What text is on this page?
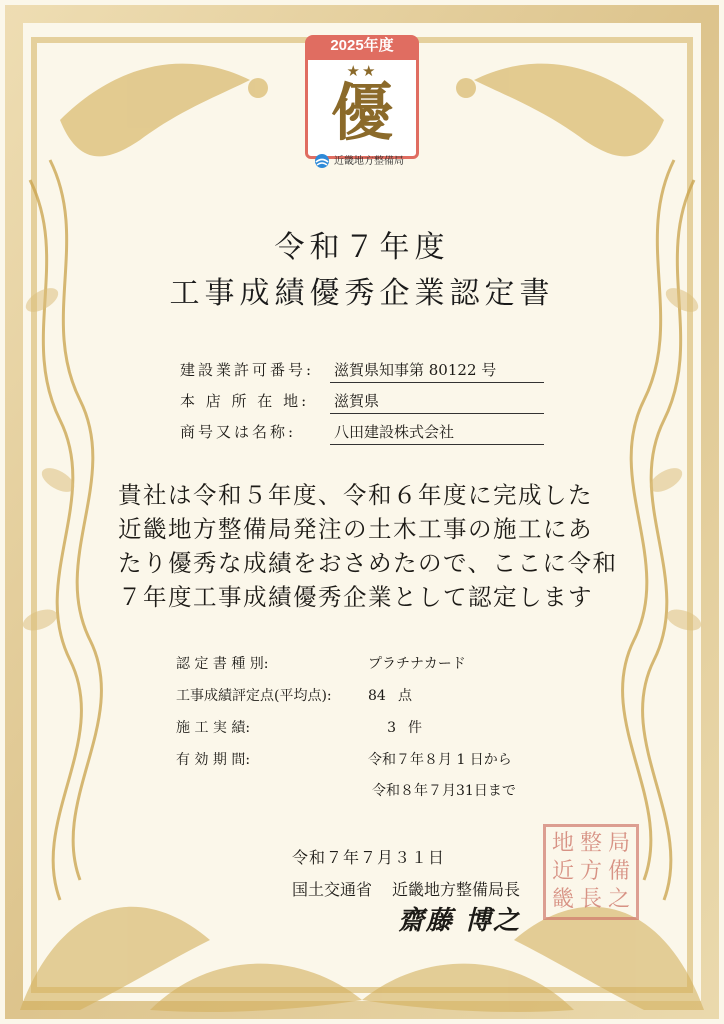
2025年度
★★
優
近畿地方整備局
令和７年度
工事成績優秀企業認定書
建設業許可番号: 滋賀県知事第 80122 号
本 店 所 在 地: 滋賀県
商号又は名称:	八田建設株式会社
貴社は令和５年度、令和６年度に完成した
近畿地方整備局発注の土木工事の施工にあ
たり優秀な成績をおさめたので、ここに令和
７年度工事成績優秀企業として認定します
認 定 書 種 別:	プラチナカード
工事成績評定点(平均点):	84 点
施 工 実 績:	3 件
有 効 期 間:	令和７年８月 1 日から
令和８年７月31日まで
令和７年７月３１日
国土交通省 近畿地方整備局長
齋藤 博之
地 整 局
近 方 備
畿 長 之
